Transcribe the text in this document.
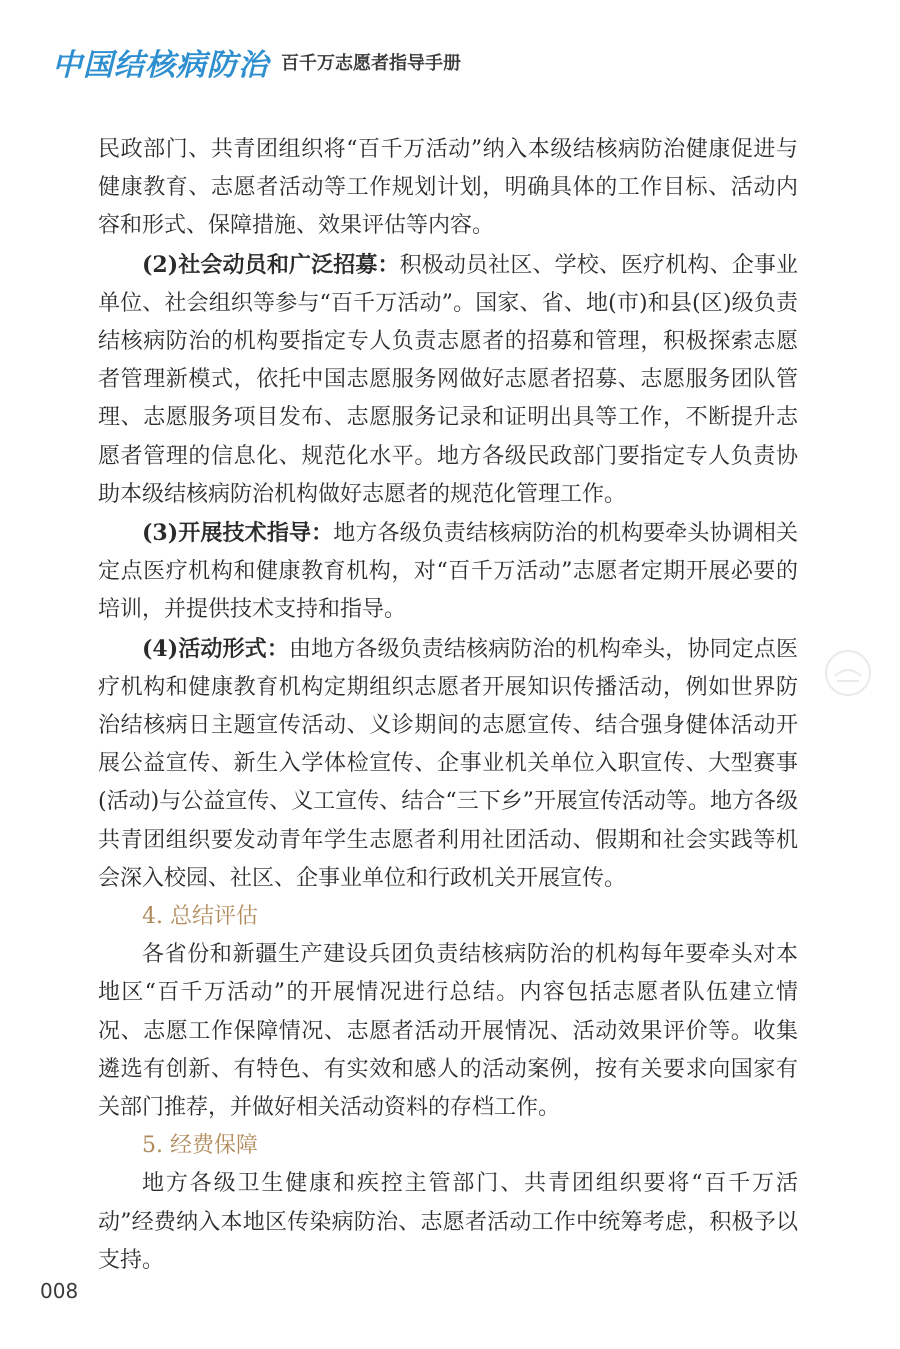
中国结核病防治 百千万志愿者指导手册

民政部门、共青团组织将“百千万活动”纳入本级结核病防治健康促进与健康教育、志愿者活动等工作规划计划，明确具体的工作目标、活动内容和形式、保障措施、效果评估等内容。

(2)社会动员和广泛招募：积极动员社区、学校、医疗机构、企事业单位、社会组织等参与“百千万活动”。国家、省、地(市)和县(区)级负责结核病防治的机构要指定专人负责志愿者的招募和管理，积极探索志愿者管理新模式，依托中国志愿服务网做好志愿者招募、志愿服务团队管理、志愿服务项目发布、志愿服务记录和证明出具等工作，不断提升志愿者管理的信息化、规范化水平。地方各级民政部门要指定专人负责协助本级结核病防治机构做好志愿者的规范化管理工作。

(3)开展技术指导：地方各级负责结核病防治的机构要牵头协调相关定点医疗机构和健康教育机构，对“百千万活动”志愿者定期开展必要的培训，并提供技术支持和指导。

(4)活动形式：由地方各级负责结核病防治的机构牵头，协同定点医疗机构和健康教育机构定期组织志愿者开展知识传播活动，例如世界防治结核病日主题宣传活动、义诊期间的志愿宣传、结合强身健体活动开展公益宣传、新生入学体检宣传、企事业机关单位入职宣传、大型赛事(活动)与公益宣传、义工宣传、结合“三下乡”开展宣传活动等。地方各级共青团组织要发动青年学生志愿者利用社团活动、假期和社会实践等机会深入校园、社区、企事业单位和行政机关开展宣传。

4. 总结评估

各省份和新疆生产建设兵团负责结核病防治的机构每年要牵头对本地区“百千万活动”的开展情况进行总结。内容包括志愿者队伍建立情况、志愿工作保障情况、志愿者活动开展情况、活动效果评价等。收集遴选有创新、有特色、有实效和感人的活动案例，按有关要求向国家有关部门推荐，并做好相关活动资料的存档工作。

5. 经费保障

地方各级卫生健康和疾控主管部门、共青团组织要将“百千万活动”经费纳入本地区传染病防治、志愿者活动工作中统筹考虑，积极予以支持。

008
